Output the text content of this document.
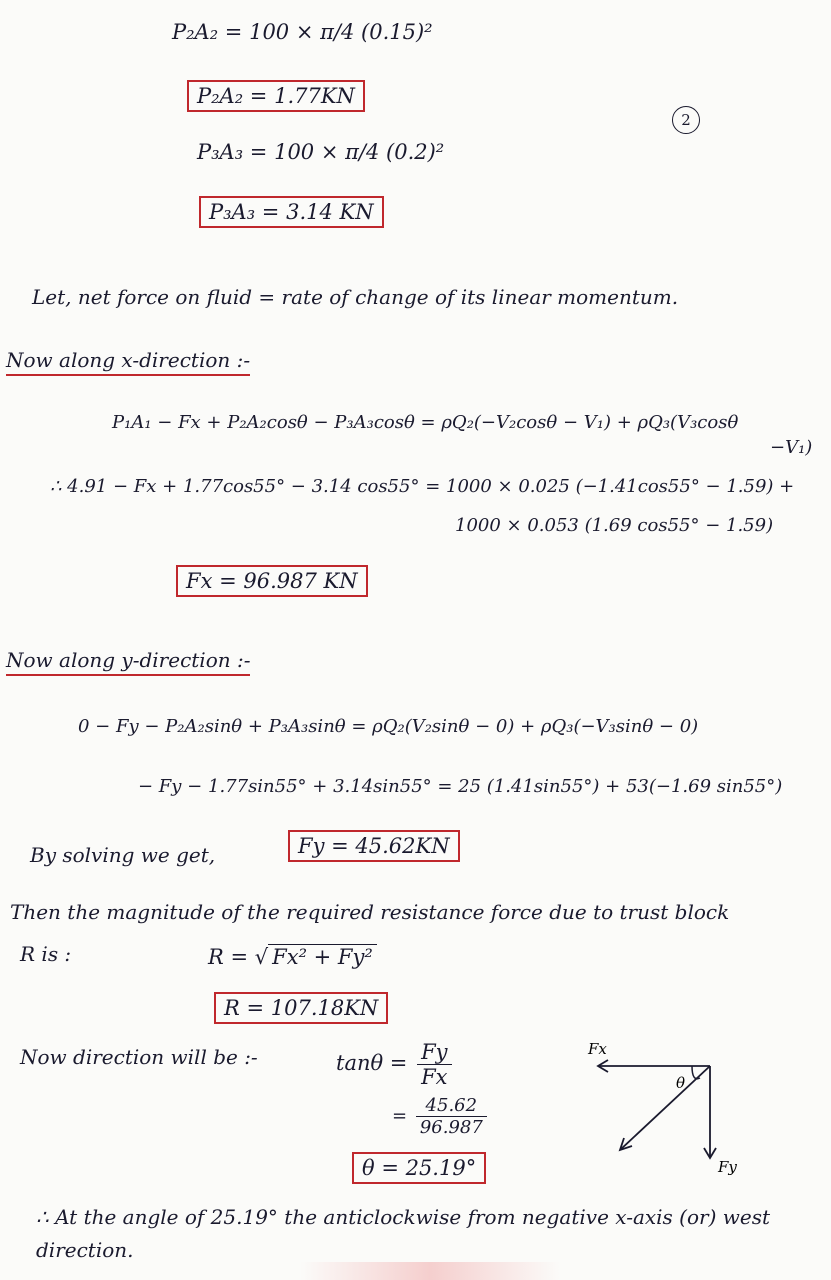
2
P₂A₂ = 100 × π/4 (0.15)²
P₂A₂ = 1.77KN
P₃A₃ = 100 × π/4 (0.2)²
P₃A₃ = 3.14 KN
Let, net force on fluid = rate of change of its linear momentum.
Now along x-direction :-
P₁A₁ − Fx + P₂A₂cosθ − P₃A₃cosθ = ρQ₂(−V₂cosθ − V₁) + ρQ₃(V₃cosθ
−V₁)
∴ 4.91 − Fx + 1.77cos55° − 3.14 cos55° = 1000 × 0.025 (−1.41cos55° − 1.59) +
1000 × 0.053 (1.69 cos55° − 1.59)
Fx = 96.987 KN
Now along y-direction :-
0 − Fy − P₂A₂sinθ + P₃A₃sinθ = ρQ₂(V₂sinθ − 0) + ρQ₃(−V₃sinθ − 0)
− Fy − 1.77sin55° + 3.14sin55° = 25 (1.41sin55°) + 53(−1.69 sin55°)
By solving we get,	Fy = 45.62KN
Then the magnitude of the required resistance force due to trust block
R is :	R = √ Fx² + Fy²
R = 107.18KN
Now direction will be :-	$\tan\theta = \frac{Fy}{Fx}$
= $\frac{45.62}{96.987}$
θ = 25.19°
∴ At the angle of 25.19° the anticlockwise from negative x-axis (or) west
direction.
Fx
Fy
θ
